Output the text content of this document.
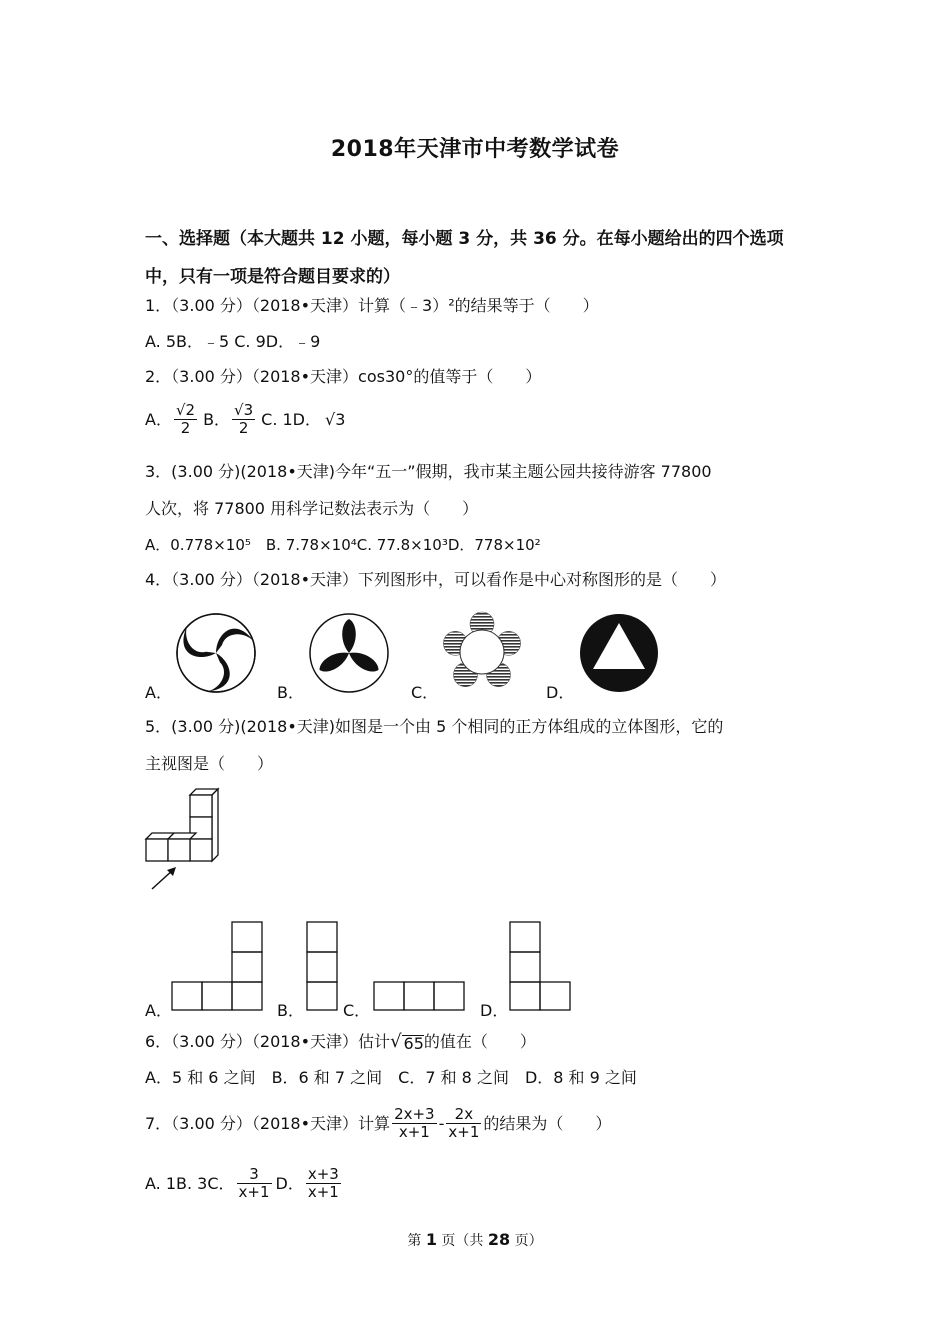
2018年天津市中考数学试卷
一、选择题（本大题共 12 小题，每小题 3 分，共 36 分。在每小题给出的四个选项
中，只有一项是符合题目要求的）
1．（3.00 分）（2018•天津）计算（﹣3）²的结果等于（　　）
A. 5B．﹣5 C. 9D．﹣9
2．（3.00 分）（2018•天津）cos30°的值等于（　　）
A． $\frac{√2}{2}$ B． $\frac{√3}{2} C$. 1D． √3
3．(3.00 分)(2018•天津)今年“五一”假期，我市某主题公园共接待游客 77800
人次，将 77800 用科学记数法表示为（　　）
A．0.778×10⁵　B. 7.78×10⁴C. 77.8×10³D．778×10²
4．（3.00 分）（2018•天津）下列图形中，可以看作是中心对称图形的是（　　）
A．	B．	C．	D．
5．(3.00 分)(2018•天津)如图是一个由 5 个相同的正方体组成的立体图形，它的
主视图是（　　）
A．	B． C．	D．
6．（3.00 分）（2018•天津）估计 √ 65 的值在（　　）
A．5 和 6 之间　B．6 和 7 之间　C．7 和 8 之间　D．8 和 9 之间
7．（3.00 分）（2018•天津）计算 $\frac{2x+3}{x+1} - \frac{2x}{x+1}$ 的结果为（　　）
A. 1B. 3C． $\frac{3}{x+1}$ D． $\frac{x+3}{x+1}$
第 1 页（共 28 页）
